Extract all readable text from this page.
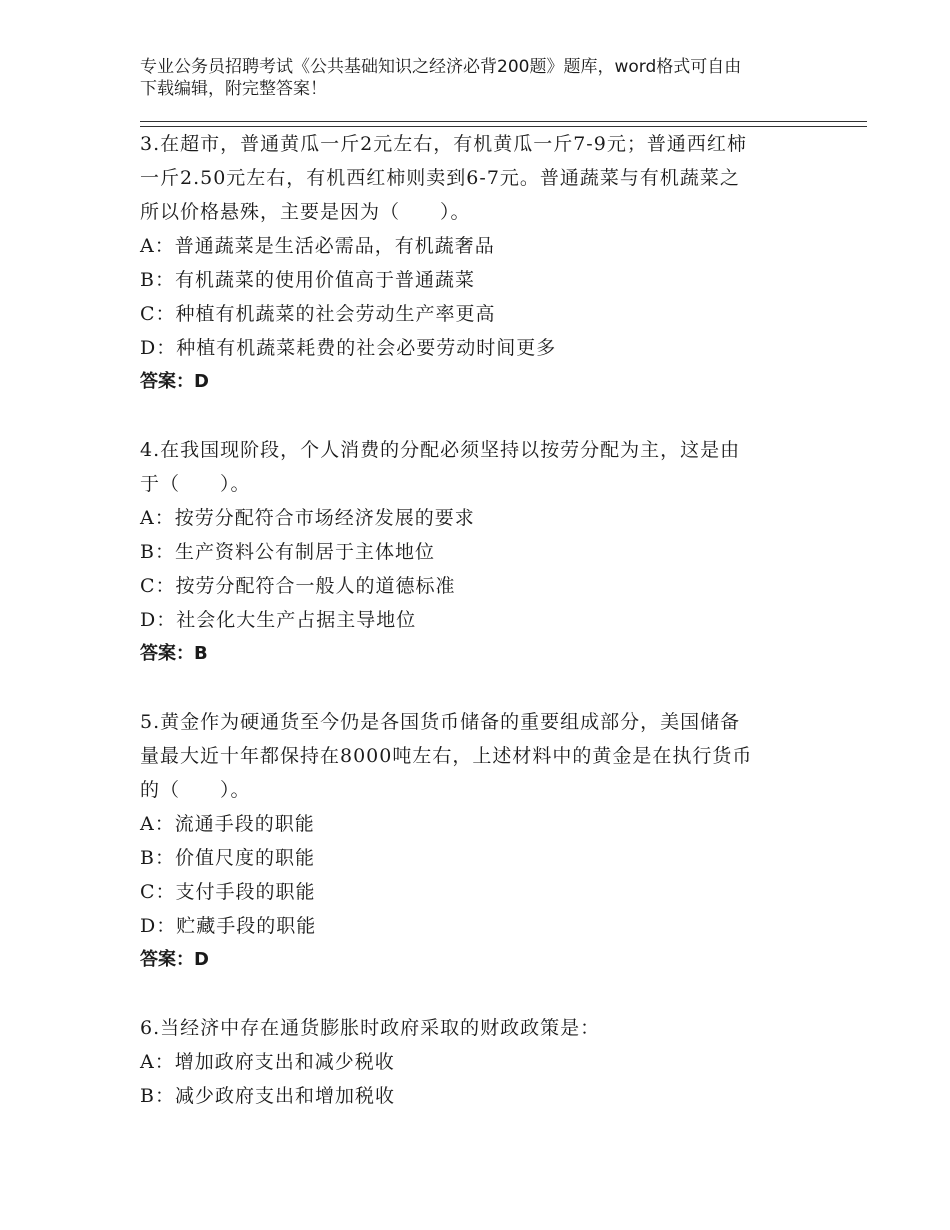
专业公务员招聘考试《公共基础知识之经济必背200题》题库，word格式可自由
下载编辑，附完整答案！

3.在超市，普通黄瓜一斤2元左右，有机黄瓜一斤7-9元；普通西红柿

一斤2.50元左右，有机西红柿则卖到6-7元。普通蔬菜与有机蔬菜之

所以价格悬殊，主要是因为（　　）。

A：普通蔬菜是生活必需品，有机蔬奢品

B：有机蔬菜的使用价值高于普通蔬菜

C：种植有机蔬菜的社会劳动生产率更高

D：种植有机蔬菜耗费的社会必要劳动时间更多

答案：D

4.在我国现阶段，个人消费的分配必须坚持以按劳分配为主，这是由

于（　　）。

A：按劳分配符合市场经济发展的要求

B：生产资料公有制居于主体地位

C：按劳分配符合一般人的道德标准

D：社会化大生产占据主导地位

答案：B

5.黄金作为硬通货至今仍是各国货币储备的重要组成部分，美国储备

量最大近十年都保持在8000吨左右，上述材料中的黄金是在执行货币

的（　　）。

A：流通手段的职能

B：价值尺度的职能

C：支付手段的职能

D：贮藏手段的职能

答案：D

6.当经济中存在通货膨胀时政府采取的财政政策是：

A：增加政府支出和减少税收

B：减少政府支出和增加税收
